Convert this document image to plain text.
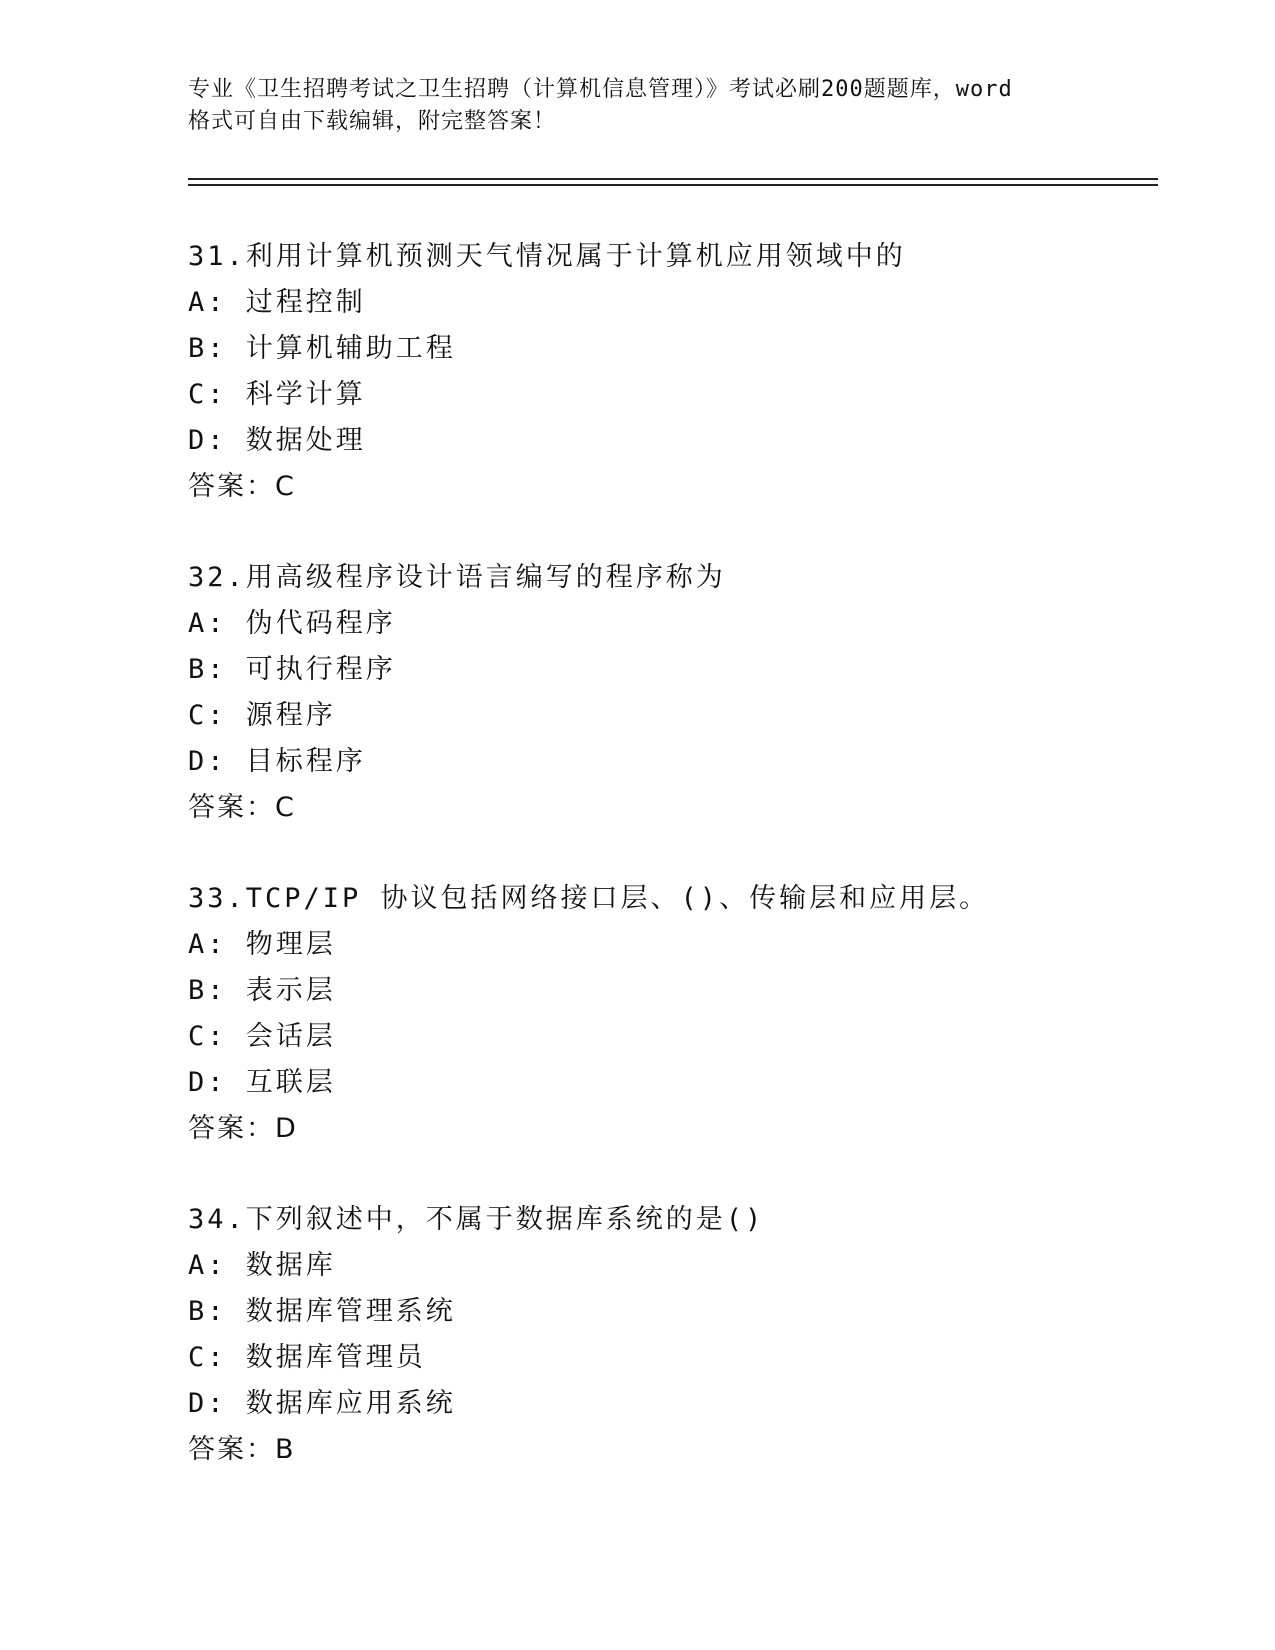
专业《卫生招聘考试之卫生招聘（计算机信息管理）》考试必刷200题题库，word
格式可自由下载编辑，附完整答案！
31.利用计算机预测天气情况属于计算机应用领域中的
A: 过程控制
B: 计算机辅助工程
C: 科学计算
D: 数据处理
答案：C
32.用高级程序设计语言编写的程序称为
A: 伪代码程序
B: 可执行程序
C: 源程序
D: 目标程序
答案：C
33.TCP/IP 协议包括网络接口层、()、传输层和应用层。
A: 物理层
B: 表示层
C: 会话层
D: 互联层
答案：D
34.下列叙述中，不属于数据库系统的是()
A: 数据库
B: 数据库管理系统
C: 数据库管理员
D: 数据库应用系统
答案：B
